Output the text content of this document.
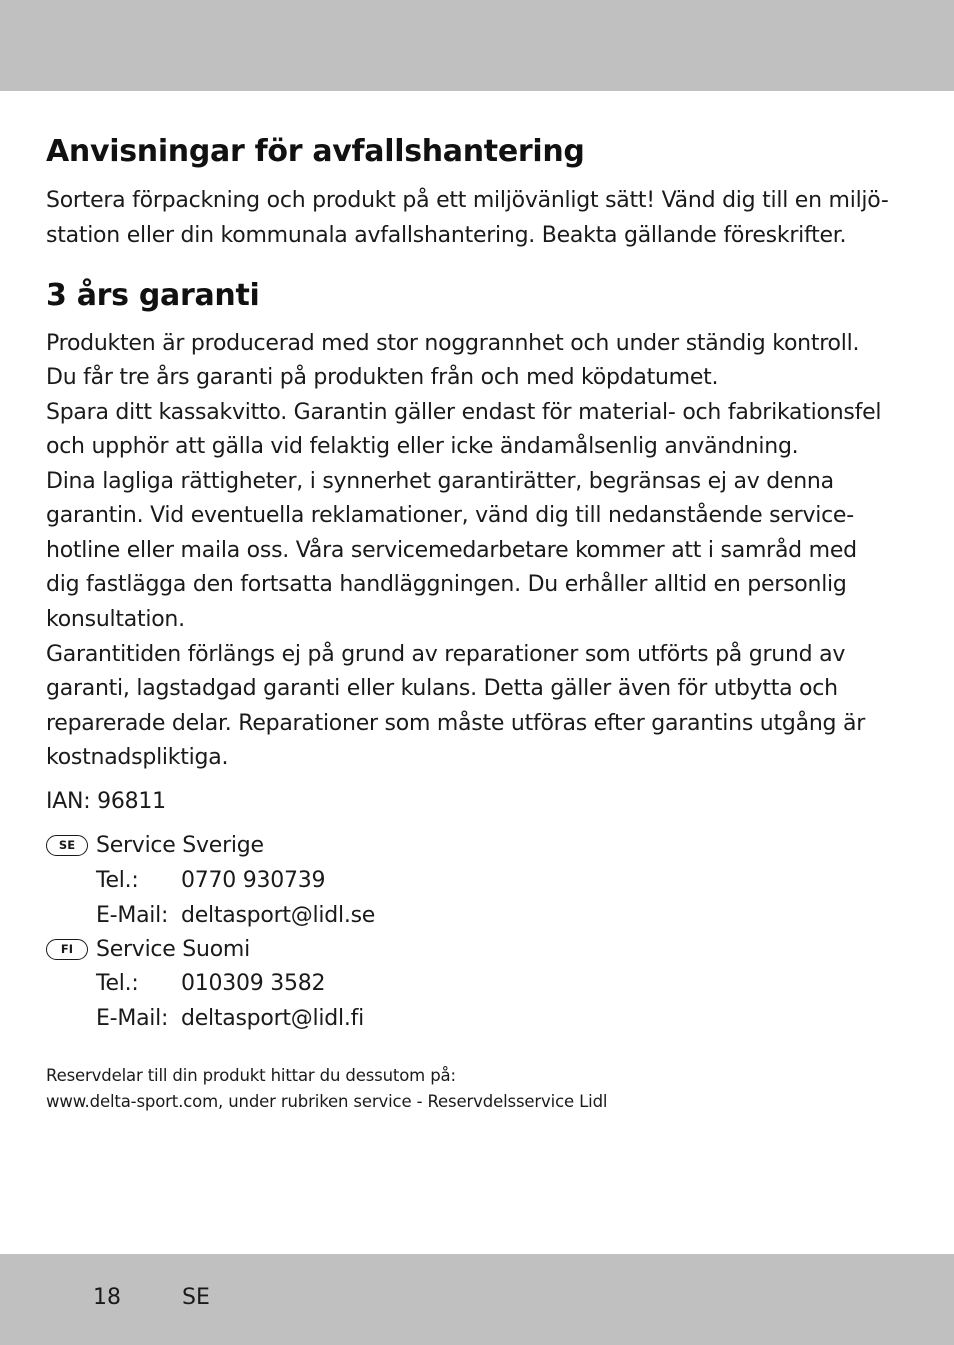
Anvisningar för avfallshantering
Sortera förpackning och produkt på ett miljövänligt sätt! Vänd dig till en miljö-
station eller din kommunala avfallshantering. Beakta gällande föreskrifter.
3 års garanti
Produkten är producerad med stor noggrannhet och under ständig kontroll.
Du får tre års garanti på produkten från och med köpdatumet.
Spara ditt kassakvitto. Garantin gäller endast för material- och fabrikationsfel
och upphör att gälla vid felaktig eller icke ändamålsenlig användning.
Dina lagliga rättigheter, i synnerhet garantirätter, begränsas ej av denna
garantin. Vid eventuella reklamationer, vänd dig till nedanstående service-
hotline eller maila oss. Våra servicemedarbetare kommer att i samråd med
dig fastlägga den fortsatta handläggningen. Du erhåller alltid en personlig
konsultation.
Garantitiden förlängs ej på grund av reparationer som utförts på grund av
garanti, lagstadgad garanti eller kulans. Detta gäller även för utbytta och
reparerade delar. Reparationer som måste utföras efter garantins utgång är
kostnadspliktiga.
IAN: 96811
SE Service Sverige
Tel.: 0770 930739
E-Mail: deltasport@lidl.se
FI	Service Suomi
Tel.: 010309 3582
E-Mail: deltasport@lidl.fi
Reservdelar till din produkt hittar du dessutom på:
www.delta-sport.com, under rubriken service - Reservdelsservice Lidl
18	SE
